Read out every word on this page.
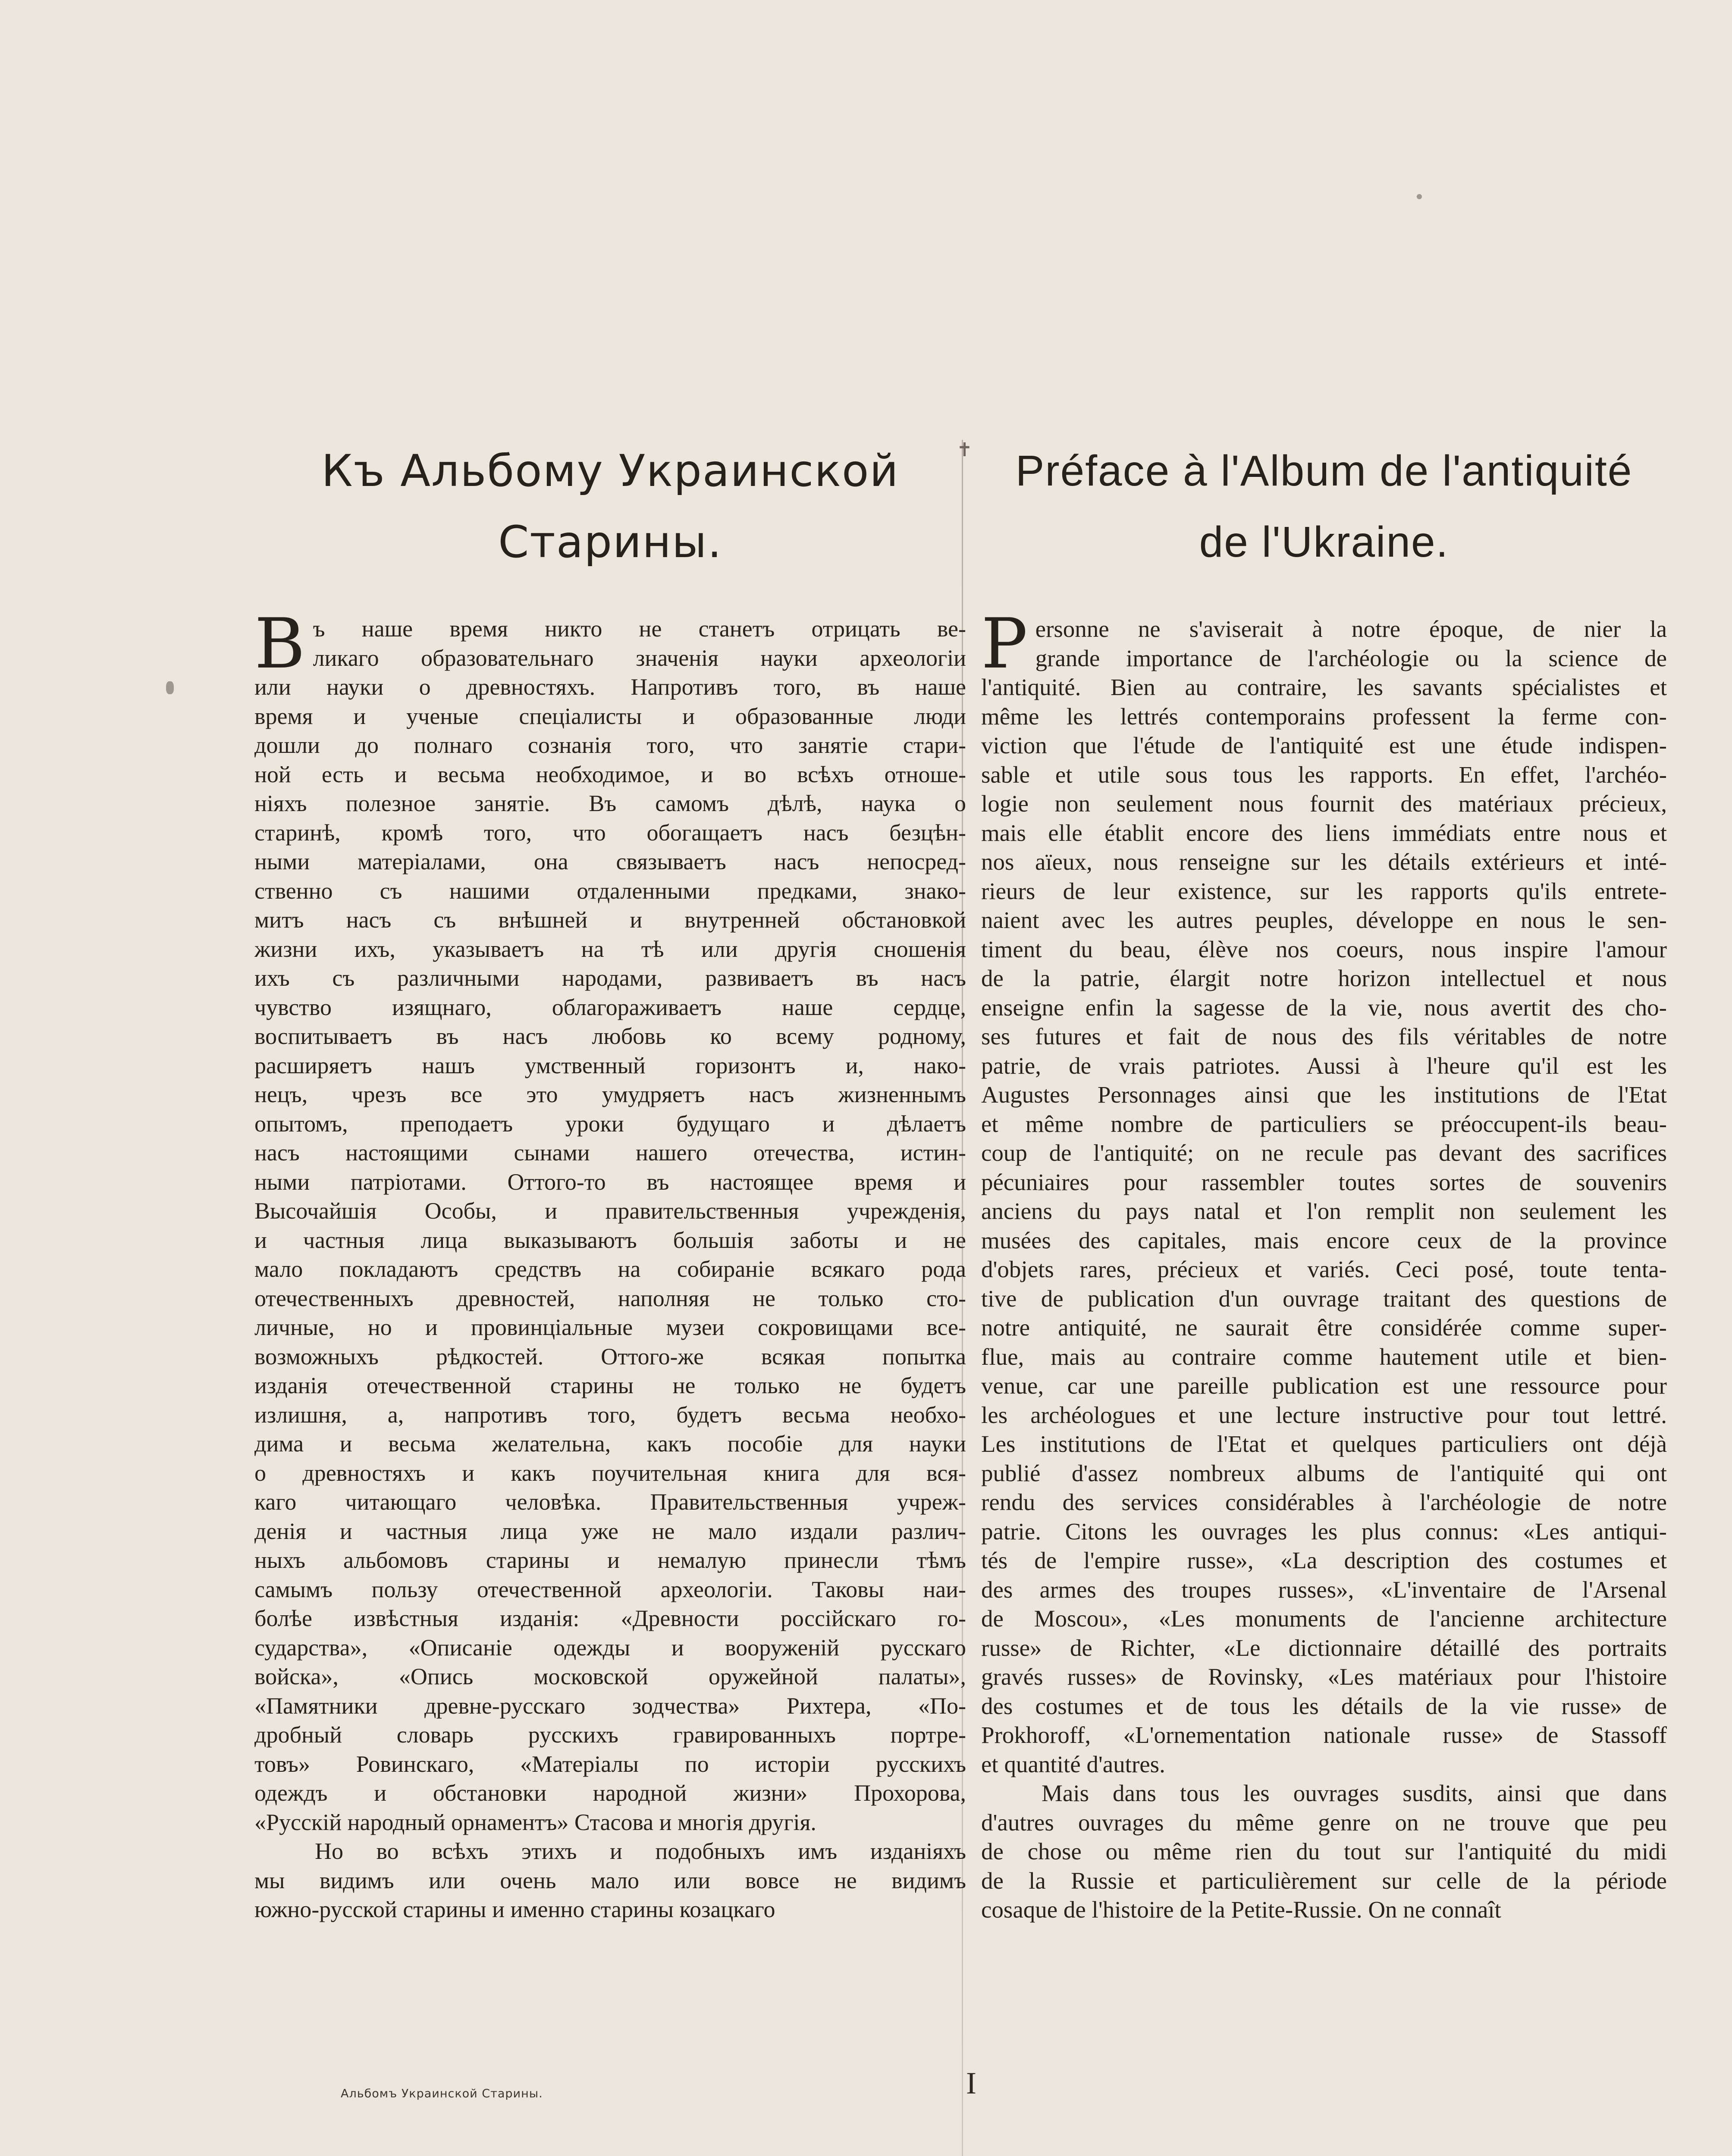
✝
Къ Альбому Украинской
Старины.
В ъ наше время никто не станетъ отрицать ве-
ликаго образовательнаго значенія науки археологіи
или науки о древностяхъ. Напротивъ того, въ наше
время и ученые спеціалисты и образованные люди
дошли до полнаго сознанія того, что занятіе стари-
ной есть и весьма необходимое, и во всѣхъ отноше-
ніяхъ полезное занятіе. Въ самомъ дѣлѣ, наука о
старинѣ, кромѣ того, что обогащаетъ насъ безцѣн-
ными матеріалами, она связываетъ насъ непосред-
ственно съ нашими отдаленными предками, знако-
митъ насъ съ внѣшней и внутренней обстановкой
жизни ихъ, указываетъ на тѣ или другія сношенія
ихъ съ различными народами, развиваетъ въ насъ
чувство изящнаго, облагораживаетъ наше сердце,
воспитываетъ въ насъ любовь ко всему родному,
расширяетъ нашъ умственный горизонтъ и, нако-
нецъ, чрезъ все это умудряетъ насъ жизненнымъ
опытомъ, преподаетъ уроки будущаго и дѣлаетъ
насъ настоящими сынами нашего отечества, истин-
ными патріотами. Оттого-то въ настоящее время и
Высочайшія Особы, и правительственныя учрежденія,
и частныя лица выказываютъ большія заботы и не
мало покладаютъ средствъ на собираніе всякаго рода
отечественныхъ древностей, наполняя не только сто-
личные, но и провинціальные музеи сокровищами все-
возможныхъ рѣдкостей. Оттого-же всякая попытка
изданія отечественной старины не только не будетъ
излишня, а, напротивъ того, будетъ весьма необхо-
дима и весьма желательна, какъ пособіе для науки
о древностяхъ и какъ поучительная книга для вся-
каго читающаго человѣка. Правительственныя учреж-
денія и частныя лица уже не мало издали различ-
ныхъ альбомовъ старины и немалую принесли тѣмъ
самымъ пользу отечественной археологіи. Таковы наи-
болѣе извѣстныя изданія: «Древности россійскаго го-
сударства», «Описаніе одежды и вооруженій русскаго
войска», «Опись московской оружейной палаты»,
«Памятники древне-русскаго зодчества» Рихтера, «По-
дробный словарь русскихъ гравированныхъ портре-
товъ» Ровинскаго, «Матеріалы по исторіи русскихъ
одеждъ и обстановки народной жизни» Прохорова,
«Русскій народный орнаментъ» Стасова и многія другія.
Но во всѣхъ этихъ и подобныхъ имъ изданіяхъ
мы видимъ или очень мало или вовсе не видимъ
южно-русской старины и именно старины козацкаго
Préface à l'Album de l'antiquité
de l'Ukraine.
P ersonne ne s'aviserait à notre époque, de nier la
grande importance de l'archéologie ou la science de
l'antiquité. Bien au contraire, les savants spécialistes et
même les lettrés contemporains professent la ferme con-
viction que l'étude de l'antiquité est une étude indispen-
sable et utile sous tous les rapports. En effet, l'archéo-
logie non seulement nous fournit des matériaux précieux,
mais elle établit encore des liens immédiats entre nous et
nos aïeux, nous renseigne sur les détails extérieurs et inté-
rieurs de leur existence, sur les rapports qu'ils entrete-
naient avec les autres peuples, développe en nous le sen-
timent du beau, élève nos coeurs, nous inspire l'amour
de la patrie, élargit notre horizon intellectuel et nous
enseigne enfin la sagesse de la vie, nous avertit des cho-
ses futures et fait de nous des fils véritables de notre
patrie, de vrais patriotes. Aussi à l'heure qu'il est les
Augustes Personnages ainsi que les institutions de l'Etat
et même nombre de particuliers se préoccupent-ils beau-
coup de l'antiquité; on ne recule pas devant des sacrifices
pécuniaires pour rassembler toutes sortes de souvenirs
anciens du pays natal et l'on remplit non seulement les
musées des capitales, mais encore ceux de la province
d'objets rares, précieux et variés. Ceci posé, toute tenta-
tive de publication d'un ouvrage traitant des questions de
notre antiquité, ne saurait être considérée comme super-
flue, mais au contraire comme hautement utile et bien-
venue, car une pareille publication est une ressource pour
les archéologues et une lecture instructive pour tout lettré.
Les institutions de l'Etat et quelques particuliers ont déjà
publié d'assez nombreux albums de l'antiquité qui ont
rendu des services considérables à l'archéologie de notre
patrie. Citons les ouvrages les plus connus: «Les antiqui-
tés de l'empire russe», «La description des costumes et
des armes des troupes russes», «L'inventaire de l'Arsenal
de Moscou», «Les monuments de l'ancienne architecture
russe» de Richter, «Le dictionnaire détaillé des portraits
gravés russes» de Rovinsky, «Les matériaux pour l'histoire
des costumes et de tous les détails de la vie russe» de
Prokhoroff, «L'ornementation nationale russe» de Stassoff
et quantité d'autres.
Mais dans tous les ouvrages susdits, ainsi que dans
d'autres ouvrages du même genre on ne trouve que peu
de chose ou même rien du tout sur l'antiquité du midi
de la Russie et particulièrement sur celle de la période
cosaque de l'histoire de la Petite-Russie. On ne connaît
I
Альбомъ Украинской Старины.
